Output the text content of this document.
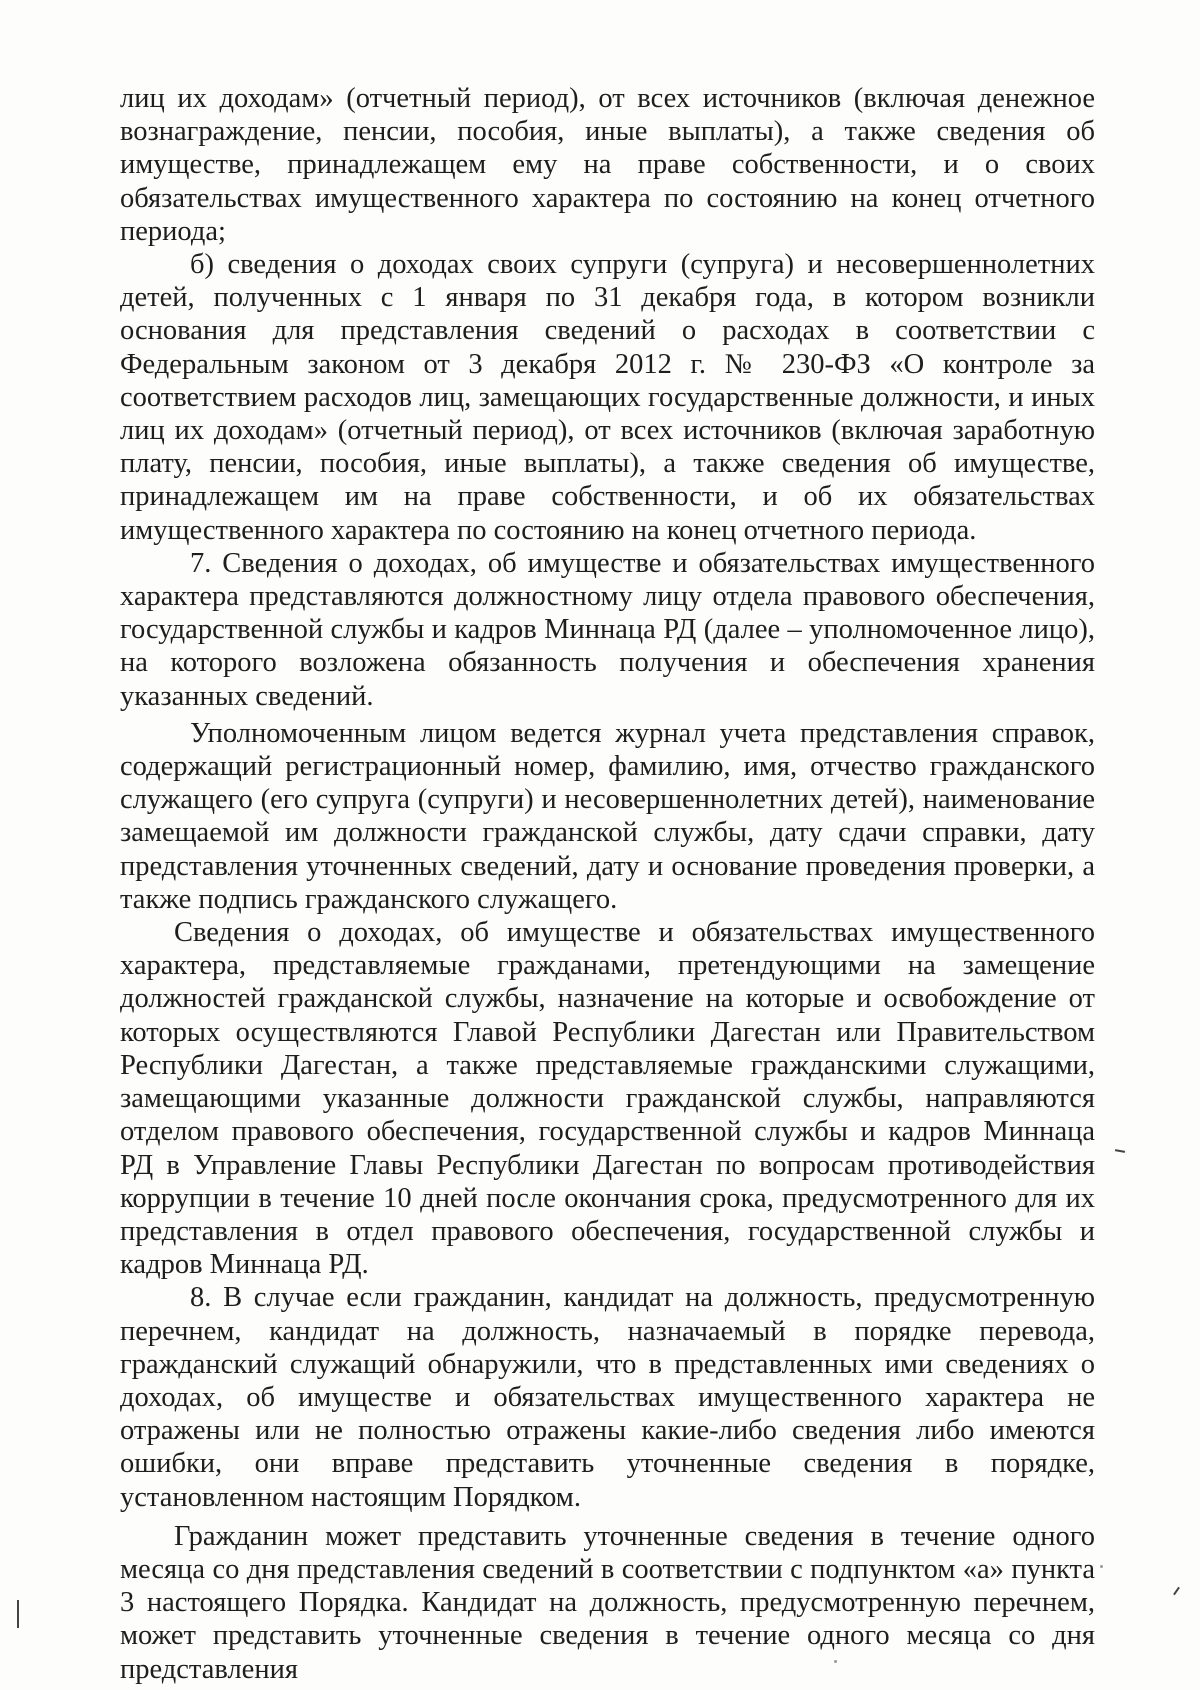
лиц их доходам» (отчетный период), от всех источников (включая денежное вознаграждение, пенсии, пособия, иные выплаты), а также сведения об имуществе, принадлежащем ему на праве собственности, и о своих обязательствах имущественного характера по состоянию на конец отчетного периода;

б) сведения о доходах своих супруги (супруга) и несовершеннолетних детей, полученных с 1 января по 31 декабря года, в котором возникли основания для представления сведений о расходах в соответствии с Федеральным законом от 3 декабря 2012 г. № 230-ФЗ «О контроле за соответствием расходов лиц, замещающих государственные должности, и иных лиц их доходам» (отчетный период), от всех источников (включая заработную плату, пенсии, пособия, иные выплаты), а также сведения об имуществе, принадлежащем им на праве собственности, и об их обязательствах имущественного характера по состоянию на конец отчетного периода.

7. Сведения о доходах, об имуществе и обязательствах имущественного характера представляются должностному лицу отдела правового обеспечения, государственной службы и кадров Миннаца РД (далее – уполномоченное лицо), на которого возложена обязанность получения и обеспечения хранения указанных сведений.

Уполномоченным лицом ведется журнал учета представления справок, содержащий регистрационный номер, фамилию, имя, отчество гражданского служащего (его супруга (супруги) и несовершеннолетних детей), наименование замещаемой им должности гражданской службы, дату сдачи справки, дату представления уточненных сведений, дату и основание проведения проверки, а также подпись гражданского служащего.

Сведения о доходах, об имуществе и обязательствах имущественного характера, представляемые гражданами, претендующими на замещение должностей гражданской службы, назначение на которые и освобождение от которых осуществляются Главой Республики Дагестан или Правительством Республики Дагестан, а также представляемые гражданскими служащими, замещающими указанные должности гражданской службы, направляются отделом правового обеспечения, государственной службы и кадров Миннаца РД в Управление Главы Республики Дагестан по вопросам противодействия коррупции в течение 10 дней после окончания срока, предусмотренного для их представления в отдел правового обеспечения, государственной службы и кадров Миннаца РД.

8. В случае если гражданин, кандидат на должность, предусмотренную перечнем, кандидат на должность, назначаемый в порядке перевода, гражданский служащий обнаружили, что в представленных ими сведениях о доходах, об имуществе и обязательствах имущественного характера не отражены или не полностью отражены какие-либо сведения либо имеются ошибки, они вправе представить уточненные сведения в порядке, установленном настоящим Порядком.

Гражданин может представить уточненные сведения в течение одного месяца со дня представления сведений в соответствии с подпунктом «а» пункта 3 настоящего Порядка. Кандидат на должность, предусмотренную перечнем, может представить уточненные сведения в течение одного месяца со дня представления
